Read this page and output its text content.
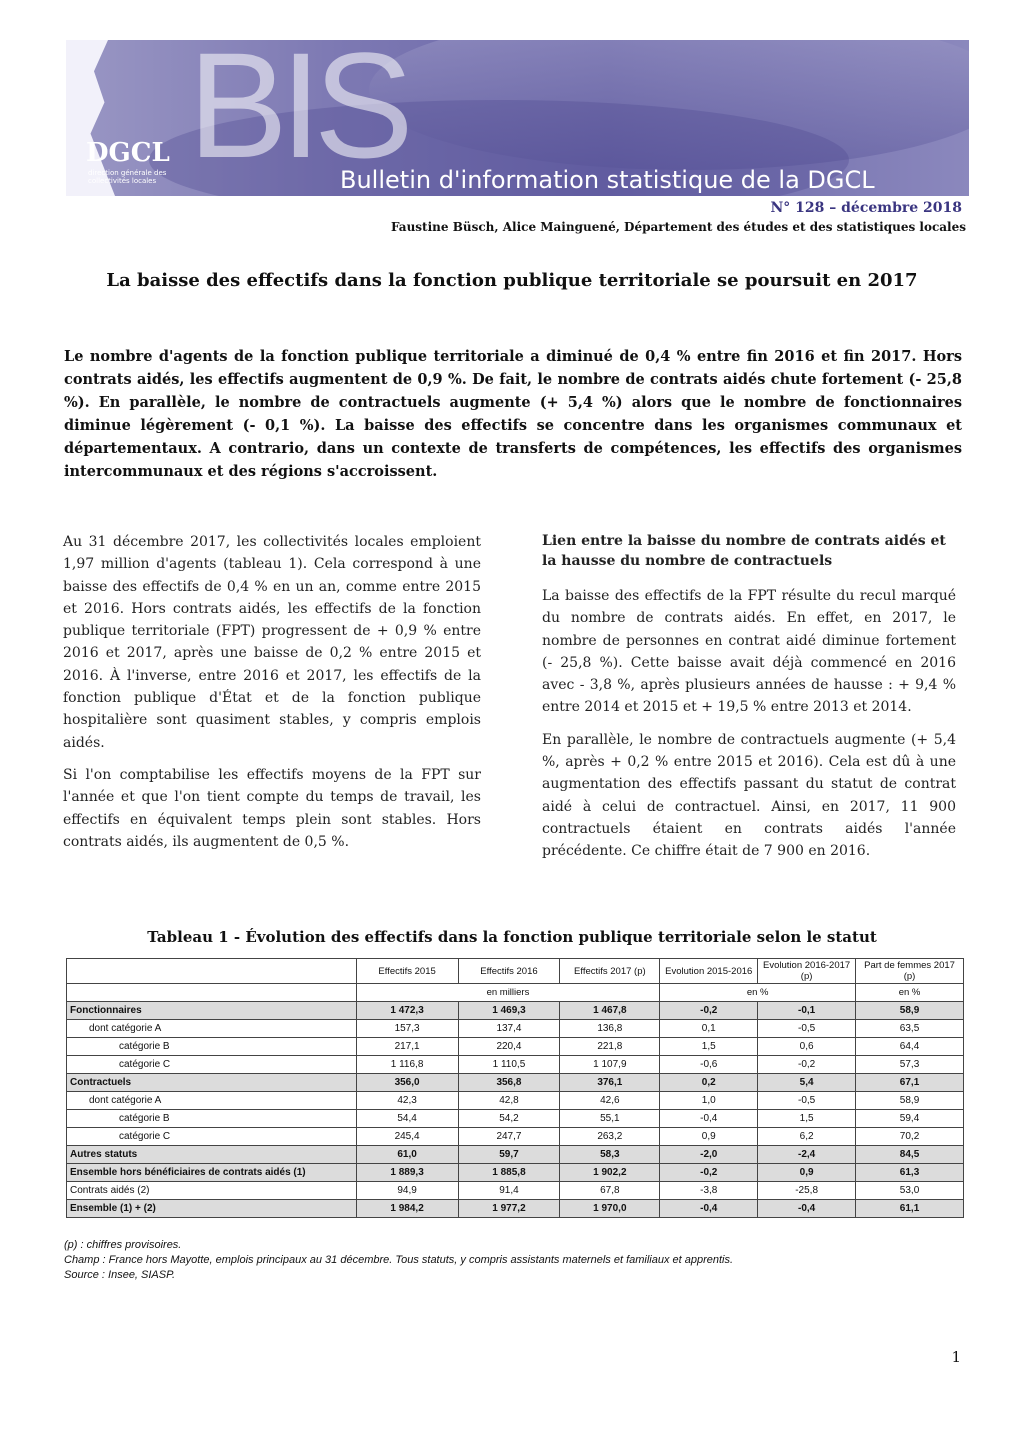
BIS
DGCL
direction générale des collectivités locales	Bulletin d'information statistique de la DGCL
N° 128 – décembre 2018
Faustine Büsch, Alice Mainguené, Département des études et des statistiques locales
La baisse des effectifs dans la fonction publique territoriale se poursuit en 2017
Le nombre d'agents de la fonction publique territoriale a diminué de 0,4 % entre fin 2016 et fin 2017. Hors contrats aidés, les effectifs augmentent de 0,9 %. De fait, le nombre de contrats aidés chute fortement (- 25,8 %). En parallèle, le nombre de contractuels augmente (+ 5,4 %) alors que le nombre de fonctionnaires diminue légèrement (- 0,1 %). La baisse des effectifs se concentre dans les organismes communaux et départementaux. A contrario, dans un contexte de transferts de compétences, les effectifs des organismes intercommunaux et des régions s'accroissent.

Au 31 décembre 2017, les collectivités locales emploient 1,97 million d'agents (tableau 1). Cela correspond à une baisse des effectifs de 0,4 % en un an, comme entre 2015 et 2016. Hors contrats aidés, les effectifs de la fonction publique territoriale (FPT) progressent de + 0,9 % entre 2016 et 2017, après une baisse de 0,2 % entre 2015 et 2016. À l'inverse, entre 2016 et 2017, les effectifs de la fonction publique d'État et de la fonction publique hospitalière sont quasiment stables, y compris emplois aidés.

Si l'on comptabilise les effectifs moyens de la FPT sur l'année et que l'on tient compte du temps de travail, les effectifs en équivalent temps plein sont stables. Hors contrats aidés, ils augmentent de 0,5 %.

Lien entre la baisse du nombre de contrats aidés et la hausse du nombre de contractuels

La baisse des effectifs de la FPT résulte du recul marqué du nombre de contrats aidés. En effet, en 2017, le nombre de personnes en contrat aidé diminue fortement (- 25,8 %). Cette baisse avait déjà commencé en 2016 avec - 3,8 %, après plusieurs années de hausse : + 9,4 % entre 2014 et 2015 et + 19,5 % entre 2013 et 2014.

En parallèle, le nombre de contractuels augmente (+ 5,4 %, après + 0,2 % entre 2015 et 2016). Cela est dû à une augmentation des effectifs passant du statut de contrat aidé à celui de contractuel. Ainsi, en 2017, 11 900 contractuels étaient en contrats aidés l'année précédente. Ce chiffre était de 7 900 en 2016.

Tableau 1 - Évolution des effectifs dans la fonction publique territoriale selon le statut
	Effectifs 2015	Effectifs 2016	Effectifs 2017 (p)	Evolution 2015-2016	Evolution 2016-2017 (p)	Part de femmes 2017 (p)
	en milliers			en %		en %
Fonctionnaires	1 472,3	1 469,3	1 467,8	-0,2	-0,1	58,9
dont catégorie A	157,3	137,4	136,8	0,1	-0,5	63,5
catégorie B	217,1	220,4	221,8	1,5	0,6	64,4
catégorie C	1 116,8	1 110,5	1 107,9	-0,6	-0,2	57,3
Contractuels	356,0	356,8	376,1	0,2	5,4	67,1
dont catégorie A	42,3	42,8	42,6	1,0	-0,5	58,9
catégorie B	54,4	54,2	55,1	-0,4	1,5	59,4
catégorie C	245,4	247,7	263,2	0,9	6,2	70,2
Autres statuts	61,0	59,7	58,3	-2,0	-2,4	84,5
Ensemble hors bénéficiaires de contrats aidés (1)	1 889,3	1 885,8	1 902,2	-0,2	0,9	61,3
Contrats aidés (2)	94,9	91,4	67,8	-3,8	-25,8	53,0
Ensemble (1) + (2)	1 984,2	1 977,2	1 970,0	-0,4	-0,4	61,1
(p) : chiffres provisoires.
Champ : France hors Mayotte, emplois principaux au 31 décembre. Tous statuts, y compris assistants maternels et familiaux et apprentis.
Source : Insee, SIASP.
1
